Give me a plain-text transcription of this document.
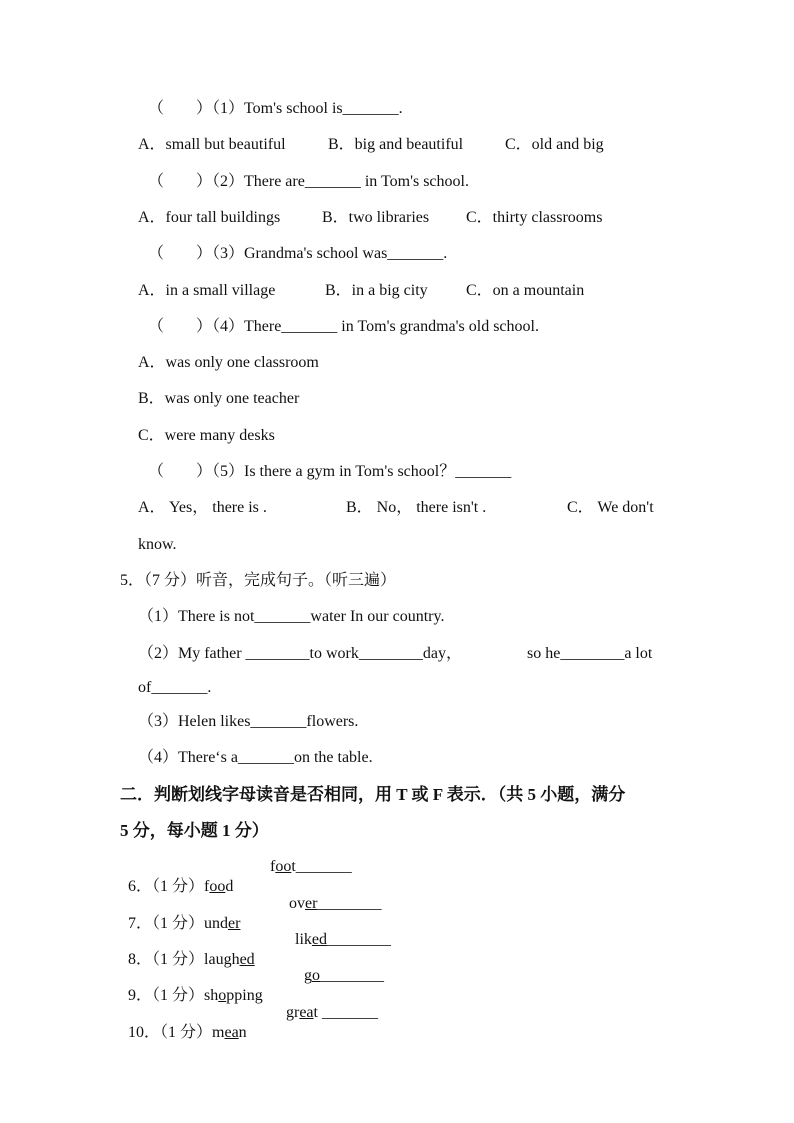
（　　）（1）Tom's school is_______.
A．small but beautiful	B．big and beautiful	C．old and big
（　　）（2）There are_______ in Tom's school.
A．four tall buildings	B．two libraries C．thirty classrooms
（　　）（3）Grandma's school was_______.
A．in a small village	B．in a big city C．on a mountain
（　　）（4）There_______ in Tom's grandma's old school.
A．was only one classroom
B．was only one teacher
C．were many desks
（　　）（5）Is there a gym in Tom's school？_______
A． Yes， there is .	B． No， there isn't .	C． We don't
know.
5．（7 分）听音，完成句子。（听三遍）
（1）There is not_______water In our country.
（2）My father ________to work________day，	so he________a lot
of_______.
（3）Helen likes_______flowers.
（4）There‘s a_______on the table.
二．判断划线字母读音是否相同，用 T 或 F 表示．（共 5 小题，满分
5 分，每小题 1 分）

6．（1 分）food

foot_______

7．（1 分）under

over________

8．（1 分）laughed

liked________

9．（1 分）shopping

go________

10．（1 分）mean

great _______
